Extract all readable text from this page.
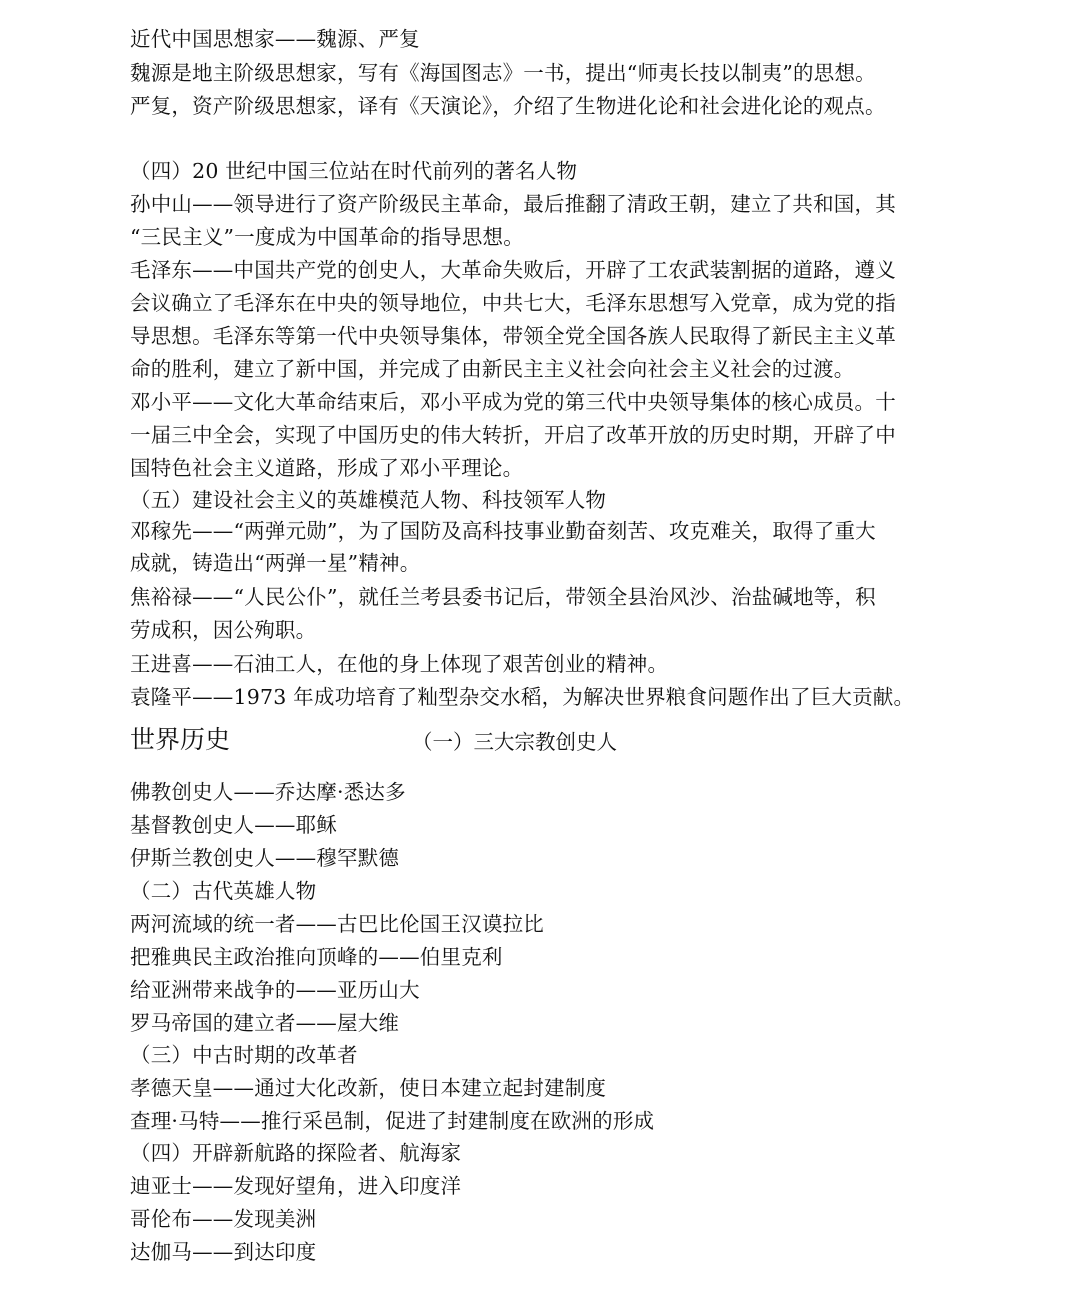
近代中国思想家——魏源、严复
魏源是地主阶级思想家，写有《海国图志》一书，提出“师夷长技以制夷”的思想。
严复，资产阶级思想家，译有《天演论》，介绍了生物进化论和社会进化论的观点。
（四）20 世纪中国三位站在时代前列的著名人物
孙中山——领导进行了资产阶级民主革命，最后推翻了清政王朝，建立了共和国，其
“三民主义”一度成为中国革命的指导思想。
毛泽东——中国共产党的创史人，大革命失败后，开辟了工农武装割据的道路，遵义
会议确立了毛泽东在中央的领导地位，中共七大，毛泽东思想写入党章，成为党的指
导思想。毛泽东等第一代中央领导集体，带领全党全国各族人民取得了新民主主义革
命的胜利，建立了新中国，并完成了由新民主主义社会向社会主义社会的过渡。
邓小平——文化大革命结束后，邓小平成为党的第三代中央领导集体的核心成员。十
一届三中全会，实现了中国历史的伟大转折，开启了改革开放的历史时期，开辟了中
国特色社会主义道路，形成了邓小平理论。
（五）建设社会主义的英雄模范人物、科技领军人物
邓稼先——“两弹元勋”，为了国防及高科技事业勤奋刻苦、攻克难关，取得了重大
成就，铸造出“两弹一星”精神。
焦裕禄——“人民公仆”，就任兰考县委书记后，带领全县治风沙、治盐碱地等，积
劳成积，因公殉职。
王进喜——石油工人，在他的身上体现了艰苦创业的精神。
袁隆平——1973 年成功培育了籼型杂交水稻，为解决世界粮食问题作出了巨大贡献。
世界历史	（一）三大宗教创史人
佛教创史人——乔达摩·悉达多
基督教创史人——耶稣
伊斯兰教创史人——穆罕默德
（二）古代英雄人物
两河流域的统一者——古巴比伦国王汉谟拉比
把雅典民主政治推向顶峰的——伯里克利
给亚洲带来战争的——亚历山大
罗马帝国的建立者——屋大维
（三）中古时期的改革者
孝德天皇——通过大化改新，使日本建立起封建制度
查理·马特——推行采邑制，促进了封建制度在欧洲的形成
（四）开辟新航路的探险者、航海家
迪亚士——发现好望角，进入印度洋
哥伦布——发现美洲
达伽马——到达印度
